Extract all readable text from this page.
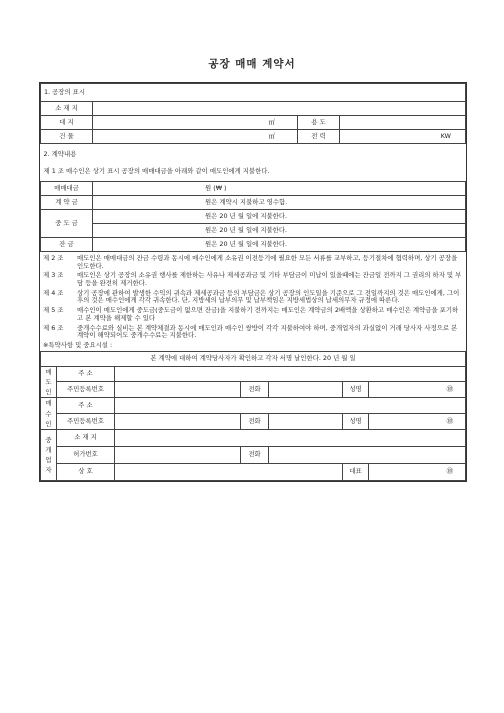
공장 매매 계약서
1. 공장의 표시			
소 재 지			
대 지	㎡	용 도	
건 물	㎡	전 력	KW
2. 계약내용	
제 1 조 매수인은 상기 표시 공장의 매매대금을 아래와 같이 매도인에게 지불한다.	
매매대금	원 (₩ )
계 약 금	원은 계약시 지불하고 영수함.
중 도 금	원은 20 년 월 일에 지불한다.
	원은 20 년 월 일에 지불한다.
잔 금	원은 20 년 월 일에 지불한다.
제 2 조	매도인은 매매대금의 잔금 수령과 동시에 매수인에게 소유권 이전등기에 필요한 모든 서류를 교부하고, 등기절차에 협력하며, 상기 공장을 인도한다.
제 3 조	매도인은 상기 공장의 소유권 행사를 제한하는 사유나 제세공과금 및 기타 부담금이 미납이 있을때에는 잔금일 전까지 그 권리의 하자 및 부담 등을 완전히 제거한다.
제 4 조	상기 공장에 관하여 발생한 수익의 귀속과 제세공과금 등의 부담금은 상기 공장의 인도일을 기준으로 그 전일까지의 것은 매도인에게, 그이후의 것은 매수인에게 각각 귀속한다. 단, 지방세의 납부의무 및 납부책임은 지방세법상의 납세의무자 규정에 따른다.
제 5 조	매수인이 매도인에게 중도금(중도금이 없으면 잔금)을 지불하기 전까지는 매도인은 계약금의 2배액을 상환하고 매수인은 계약금을 포기하고 본 계약을 해제할 수 있다
제 6 조	중개수수료와 실비는 본 계약체결과 동시에 매도인과 매수인 쌍방이 각각 지불하여야 하며, 중개업자의 과실없이 거래 당사자 사정으로 본 계약이 해약되어도 중개수수료는 지불한다.
※특약사항 및 중요시설 :	
본 계약에 대하여 계약당사자가 확인하고 각자 서명 날인한다. 20 년 월 일						
매
도
인	주 소					
	주민등록번호		전화		성명	㊞
매
수
인	주 소					
	주민등록번호		전화		성명	㊞
중
개
업
자	소 재 지					
	허가번호		전화			
	상 호				대표	㊞
